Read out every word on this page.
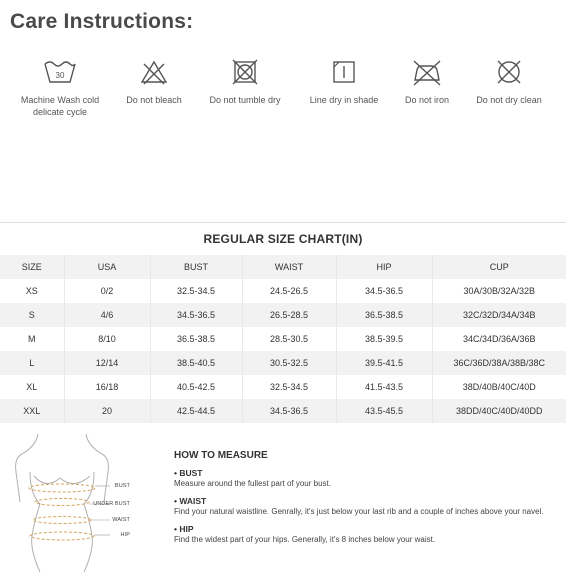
Care Instructions:
30
Machine Wash cold
delicate cycle
Do not bleach	Do not tumble dry	Line dry in shade	Do not iron	Do not dry clean
REGULAR SIZE CHART(IN)
SIZE	USA	BUST	WAIST	HIP	CUP
XS	0/2	32.5-34.5	24.5-26.5	34.5-36.5	30A/30B/32A/32B
S	4/6	34.5-36.5	26.5-28.5	36.5-38.5	32C/32D/34A/34B
M	8/10	36.5-38.5	28.5-30.5	38.5-39.5	34C/34D/36A/36B
L	12/14	38.5-40.5	30.5-32.5	39.5-41.5	36C/36D/38A/38B/38C
XL	16/18	40.5-42.5	32.5-34.5	41.5-43.5	38D/40B/40C/40D
XXL	20	42.5-44.5	34.5-36.5	43.5-45.5	38DD/40C/40D/40DD
BUST
UNDER BUST
WAIST
HIP
HOW TO MEASURE
• BUST
Measure around the fullest part of your bust.
• WAIST
Find your natural waistline. Genrally, it's just below your last rib and a couple of inches above your navel.
• HIP
Find the widest part of your hips. Generally, it's 8 inches below your waist.
